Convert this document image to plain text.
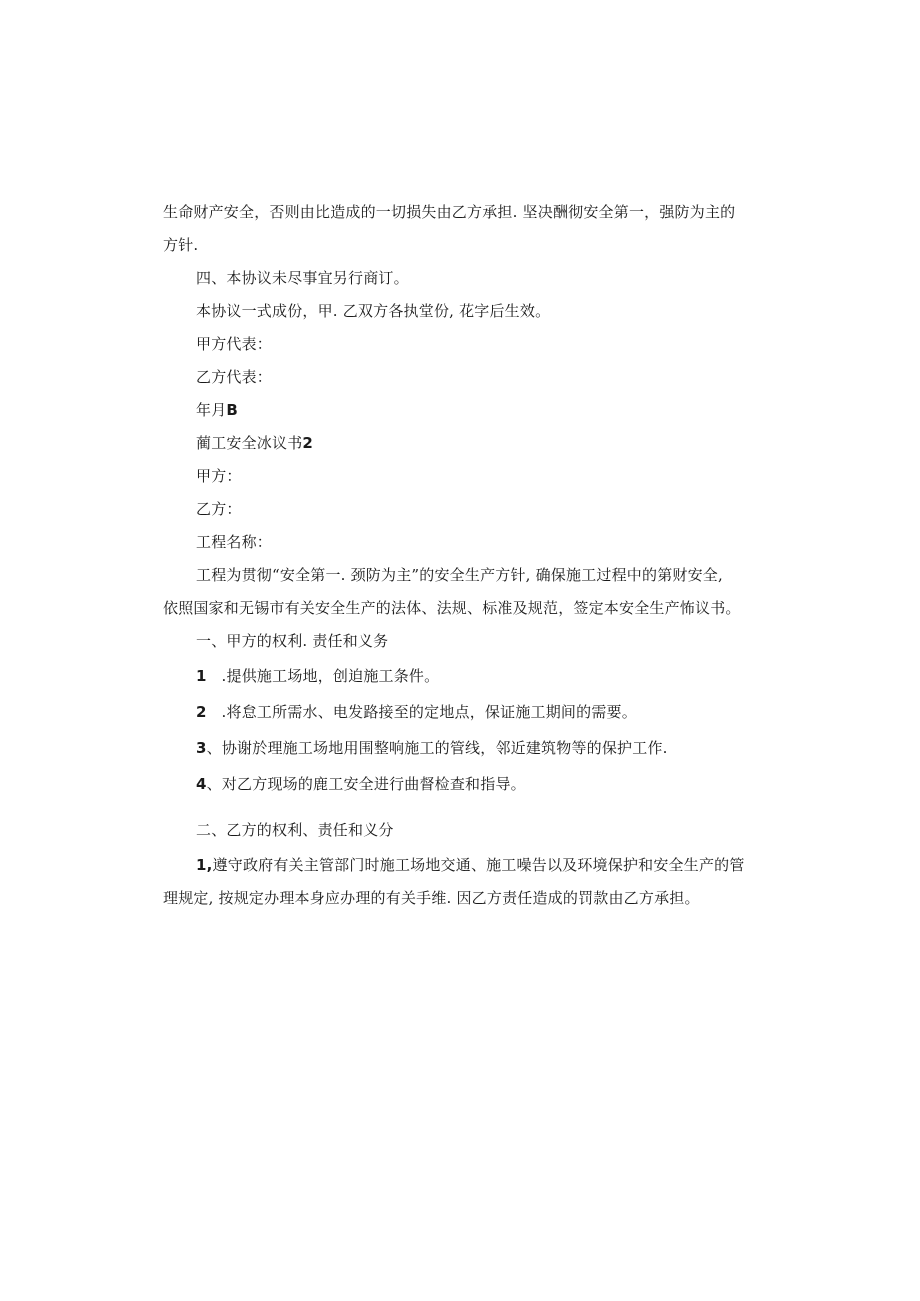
生命财产安全，否则由比造成的一切损失由乙方承担. 坚决酬彻安全第一，强防为主的
方针.
四、本协议未尽事宜另行商订。
本协议一式成份，甲. 乙双方各执堂份, 花字后生效。
甲方代表：
乙方代表：
年月B
蔺工安全冰议书2
甲方：
乙方：
工程名称：
工程为贯彻“安全第一. 颈防为主”的安全生产方针, 确保施工过程中的第财安全,
依照国家和无锡市有关安全生产的法体、法规、标准及规范，签定本安全生产怖议书。
一、甲方的权利. 责任和义务
1 .提供施工场地，创迫施工条件。
2 .将怠工所需水、电发路接至的定地点，保证施工期间的需要。
3、协谢於理施工场地用围整响施工的管线，邻近建筑物等的保护工作.
4、对乙方现场的鹿工安全进行曲督检查和指导。
二、乙方的权利、责任和义分
1,遵守政府有关主管部门时施工场地交通、施工噪告以及环境保护和安全生产的管
理规定, 按规定办理本身应办理的有关手维. 因乙方责任造成的罚款由乙方承担。
